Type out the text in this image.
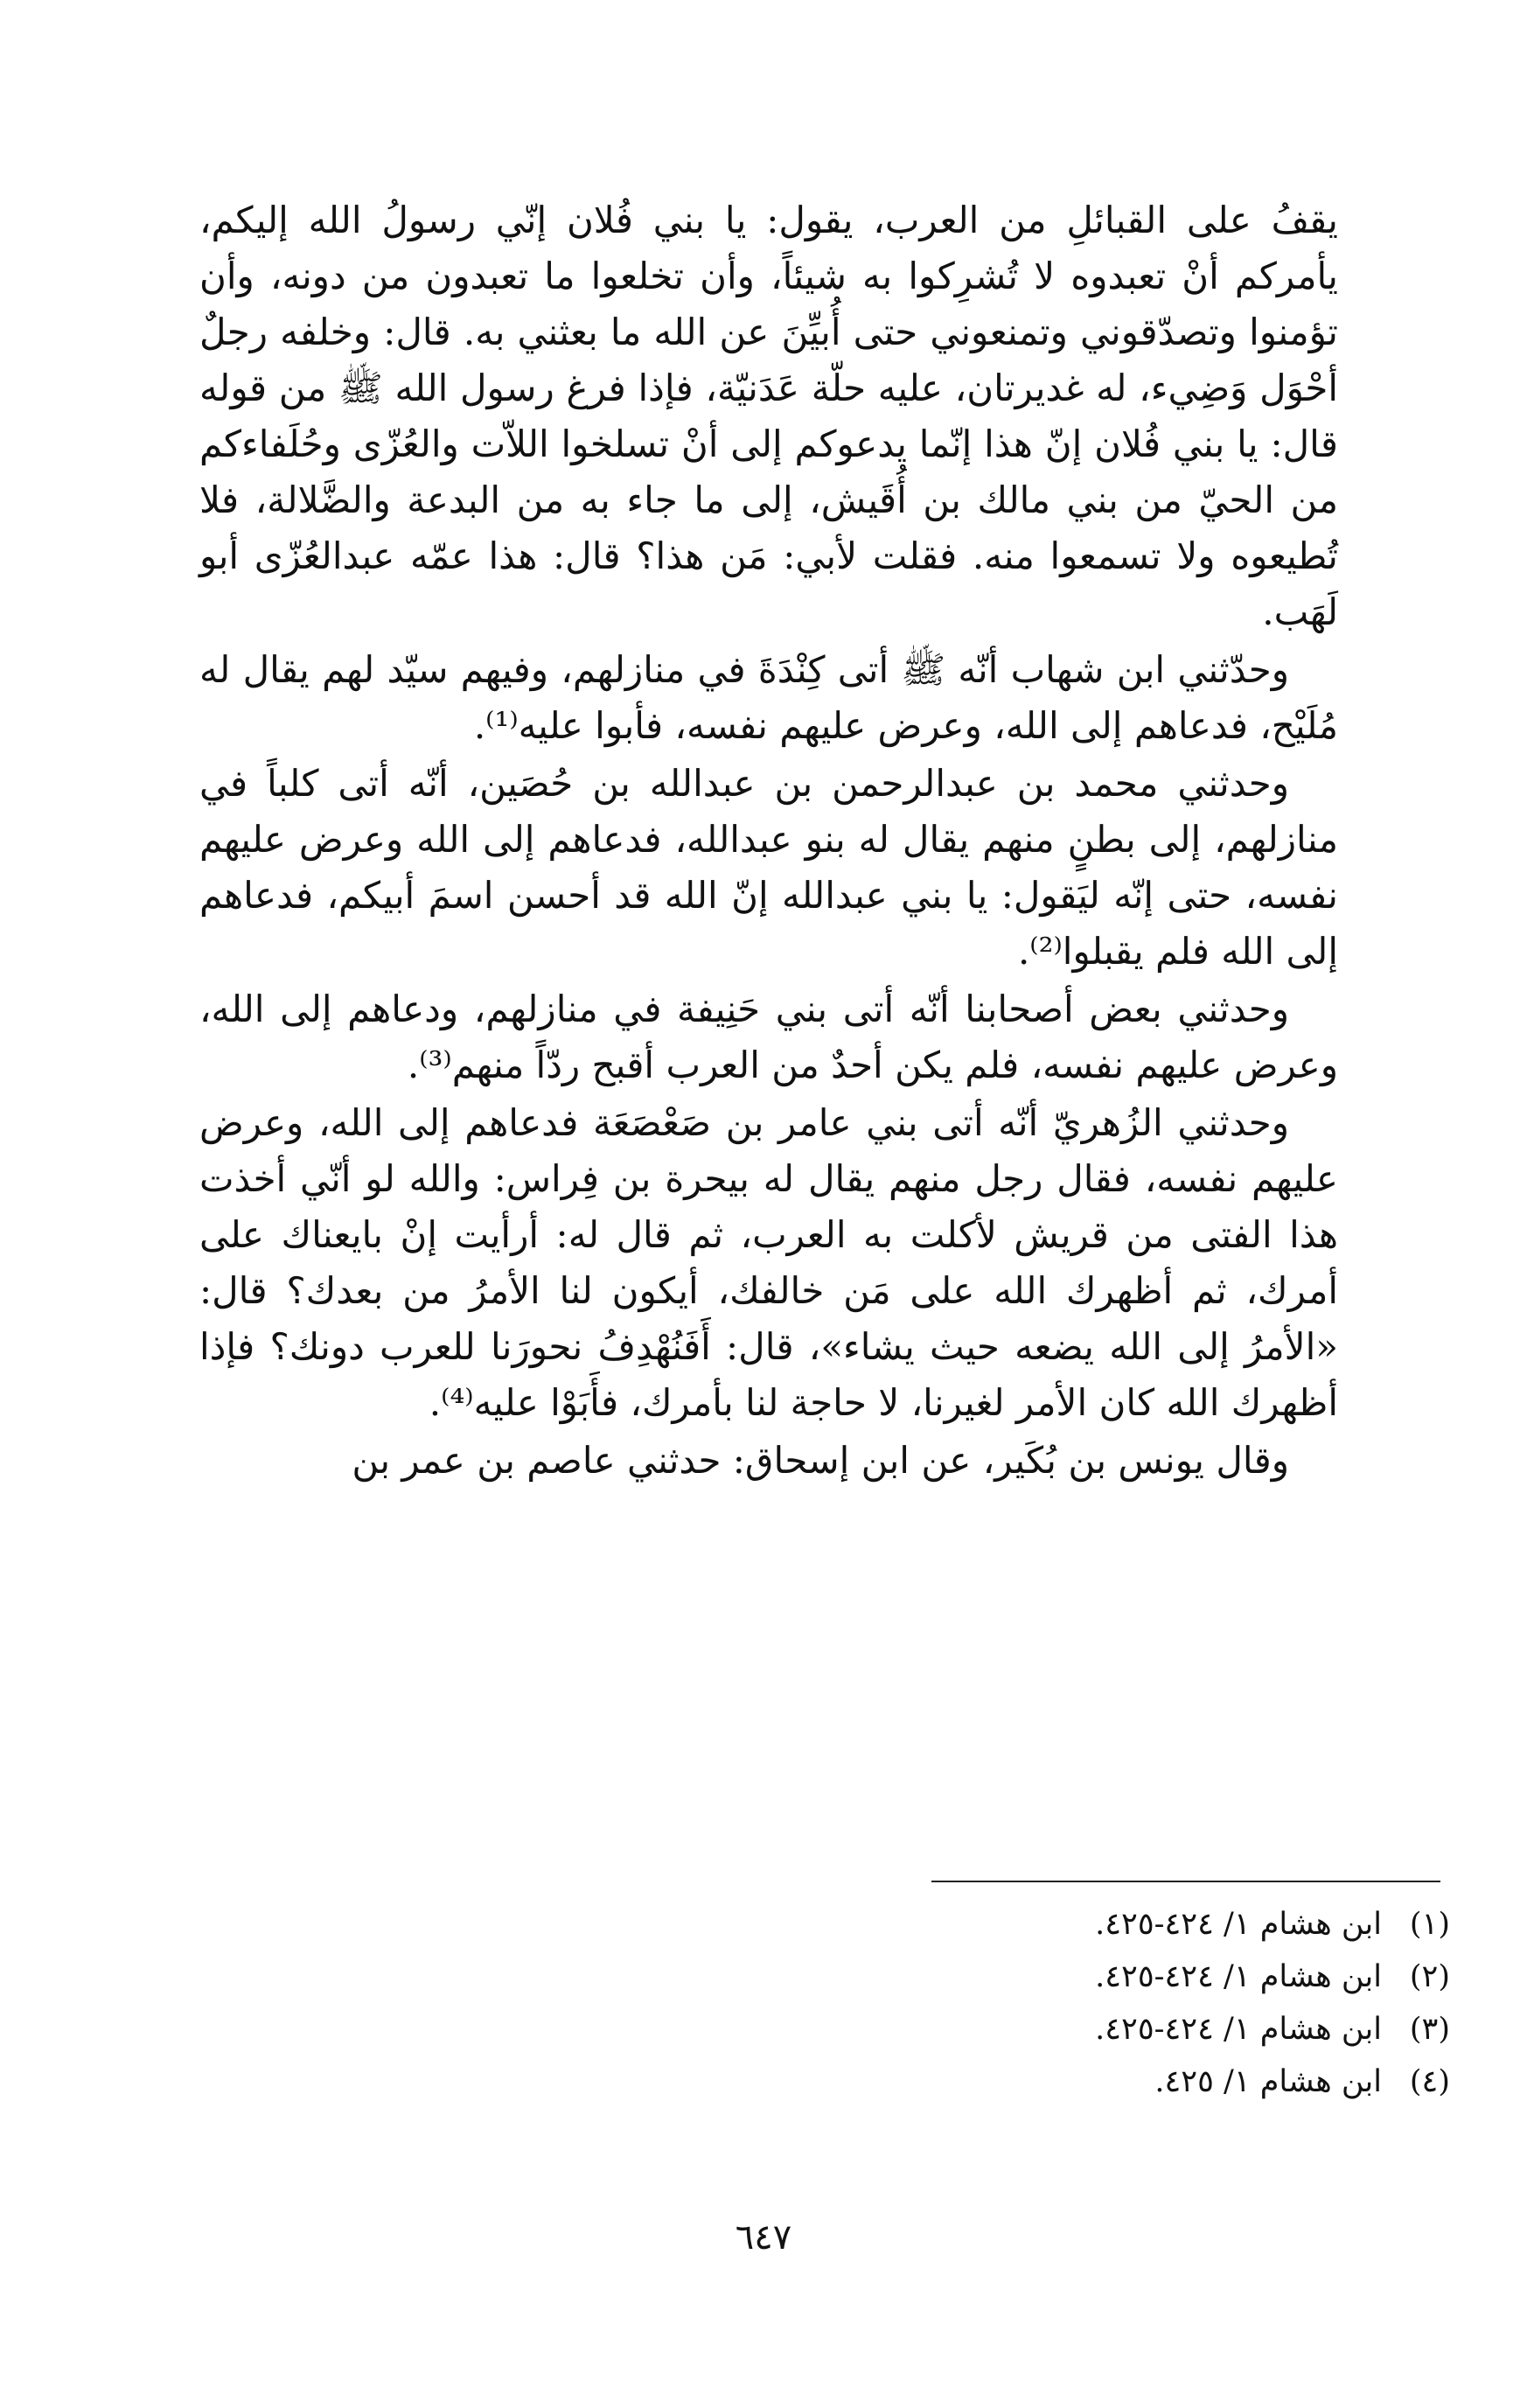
يقفُ على القبائلِ من العرب، يقول: يا بني فُلان إنّي رسولُ الله إليكم، يأمركم أنْ تعبدوه لا تُشرِكوا به شيئاً، وأن تخلعوا ما تعبدون من دونه، وأن تؤمنوا وتصدّقوني وتمنعوني حتى أُبيِّنَ عن الله ما بعثني به. قال: وخلفه رجلٌ أحْوَل وَضِيء، له غديرتان، عليه حلّة عَدَنيّة، فإذا فرغ رسول الله ﷺ من قوله قال: يا بني فُلان إنّ هذا إنّما يدعوكم إلى أنْ تسلخوا اللاّت والعُزّى وحُلَفاءكم من الحيّ من بني مالك بن أُقَيش، إلى ما جاء به من البدعة والضَّلالة، فلا تُطيعوه ولا تسمعوا منه. فقلت لأبي: مَن هذا؟ قال: هذا عمّه عبدالعُزّى أبو لَهَب.

وحدّثني ابن شهاب أنّه ﷺ أتى كِنْدَةَ في منازلهم، وفيهم سيّد لهم يقال له مُلَيْح، فدعاهم إلى الله، وعرض عليهم نفسه، فأبوا عليه⁽¹⁾.

وحدثني محمد بن عبدالرحمن بن عبدالله بن حُصَين، أنّه أتى كلباً في منازلهم، إلى بطنٍ منهم يقال له بنو عبدالله، فدعاهم إلى الله وعرض عليهم نفسه، حتى إنّه ليَقول: يا بني عبدالله إنّ الله قد أحسن اسمَ أبيكم، فدعاهم إلى الله فلم يقبلوا⁽²⁾.

وحدثني بعض أصحابنا أنّه أتى بني حَنِيفة في منازلهم، ودعاهم إلى الله، وعرض عليهم نفسه، فلم يكن أحدٌ من العرب أقبح ردّاً منهم⁽³⁾.

وحدثني الزُهريّ أنّه أتى بني عامر بن صَعْصَعَة فدعاهم إلى الله، وعرض عليهم نفسه، فقال رجل منهم يقال له بيحرة بن فِراس: والله لو أنّي أخذت هذا الفتى من قريش لأكلت به العرب، ثم قال له: أرأيت إنْ بايعناك على أمرك، ثم أظهرك الله على مَن خالفك، أيكون لنا الأمرُ من بعدك؟ قال: «الأمرُ إلى الله يضعه حيث يشاء»، قال: أَفَنُهْدِفُ نحورَنا للعرب دونك؟ فإذا أظهرك الله كان الأمر لغيرنا، لا حاجة لنا بأمرك، فأَبَوْا عليه⁽⁴⁾.

وقال يونس بن بُكَير، عن ابن إسحاق: حدثني عاصم بن عمر بن

(١)
ابن هشام ١/ ٤٢٤-٤٢٥.
(٢)
ابن هشام ١/ ٤٢٤-٤٢٥.
(٣)
ابن هشام ١/ ٤٢٤-٤٢٥.
(٤)
ابن هشام ١/ ٤٢٥.
٦٤٧
